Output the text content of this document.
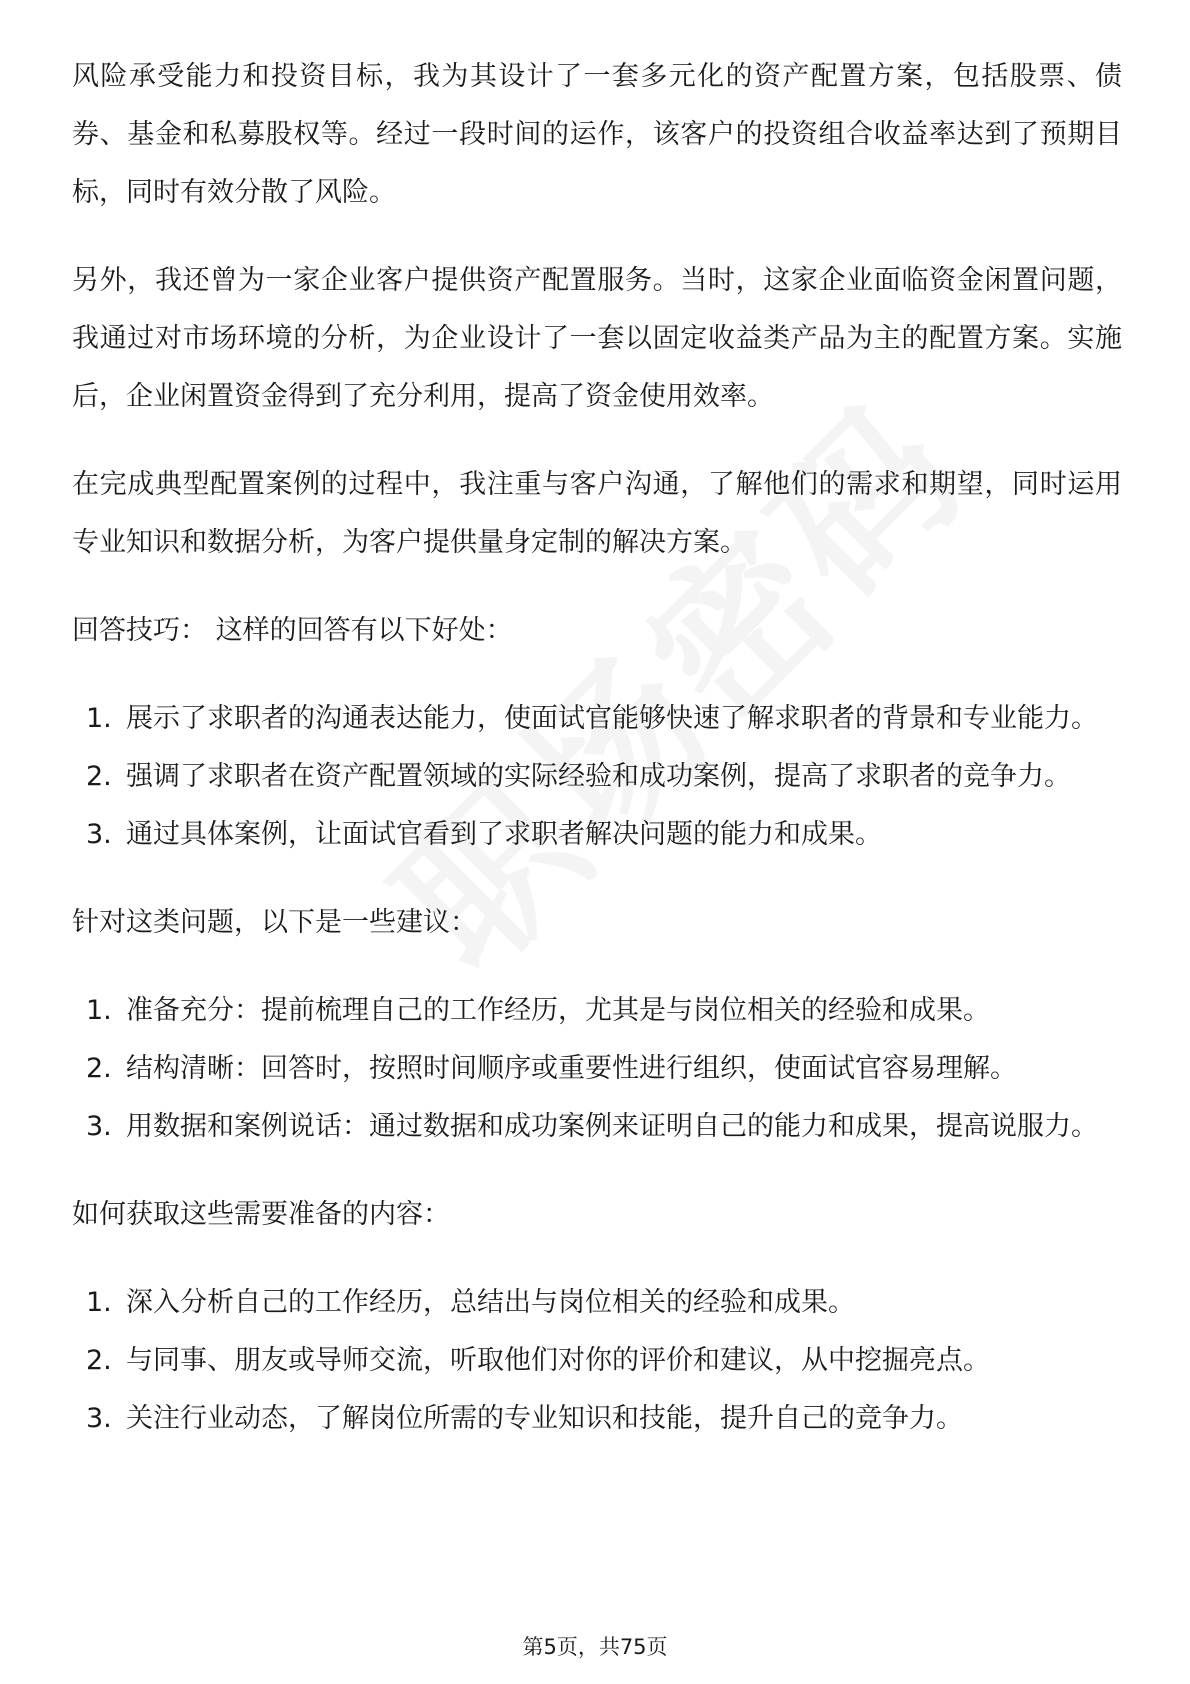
风险承受能力和投资目标，我为其设计了一套多元化的资产配置方案，包括股票、债券、基金和私募股权等。经过一段时间的运作，该客户的投资组合收益率达到了预期目标，同时有效分散了风险。

另外，我还曾为一家企业客户提供资产配置服务。当时，这家企业面临资金闲置问题，我通过对市场环境的分析，为企业设计了一套以固定收益类产品为主的配置方案。实施后，企业闲置资金得到了充分利用，提高了资金使用效率。

在完成典型配置案例的过程中，我注重与客户沟通，了解他们的需求和期望，同时运用专业知识和数据分析，为客户提供量身定制的解决方案。

回答技巧： 这样的回答有以下好处：

1. 展示了求职者的沟通表达能力，使面试官能够快速了解求职者的背景和专业能力。
2. 强调了求职者在资产配置领域的实际经验和成功案例，提高了求职者的竞争力。
3. 通过具体案例，让面试官看到了求职者解决问题的能力和成果。

针对这类问题，以下是一些建议：

1. 准备充分：提前梳理自己的工作经历，尤其是与岗位相关的经验和成果。
2. 结构清晰：回答时，按照时间顺序或重要性进行组织，使面试官容易理解。
3. 用数据和案例说话：通过数据和成功案例来证明自己的能力和成果，提高说服力。

如何获取这些需要准备的内容：

1. 深入分析自己的工作经历，总结出与岗位相关的经验和成果。
2. 与同事、朋友或导师交流，听取他们对你的评价和建议，从中挖掘亮点。
3. 关注行业动态，了解岗位所需的专业知识和技能，提升自己的竞争力。
第5页，共75页
